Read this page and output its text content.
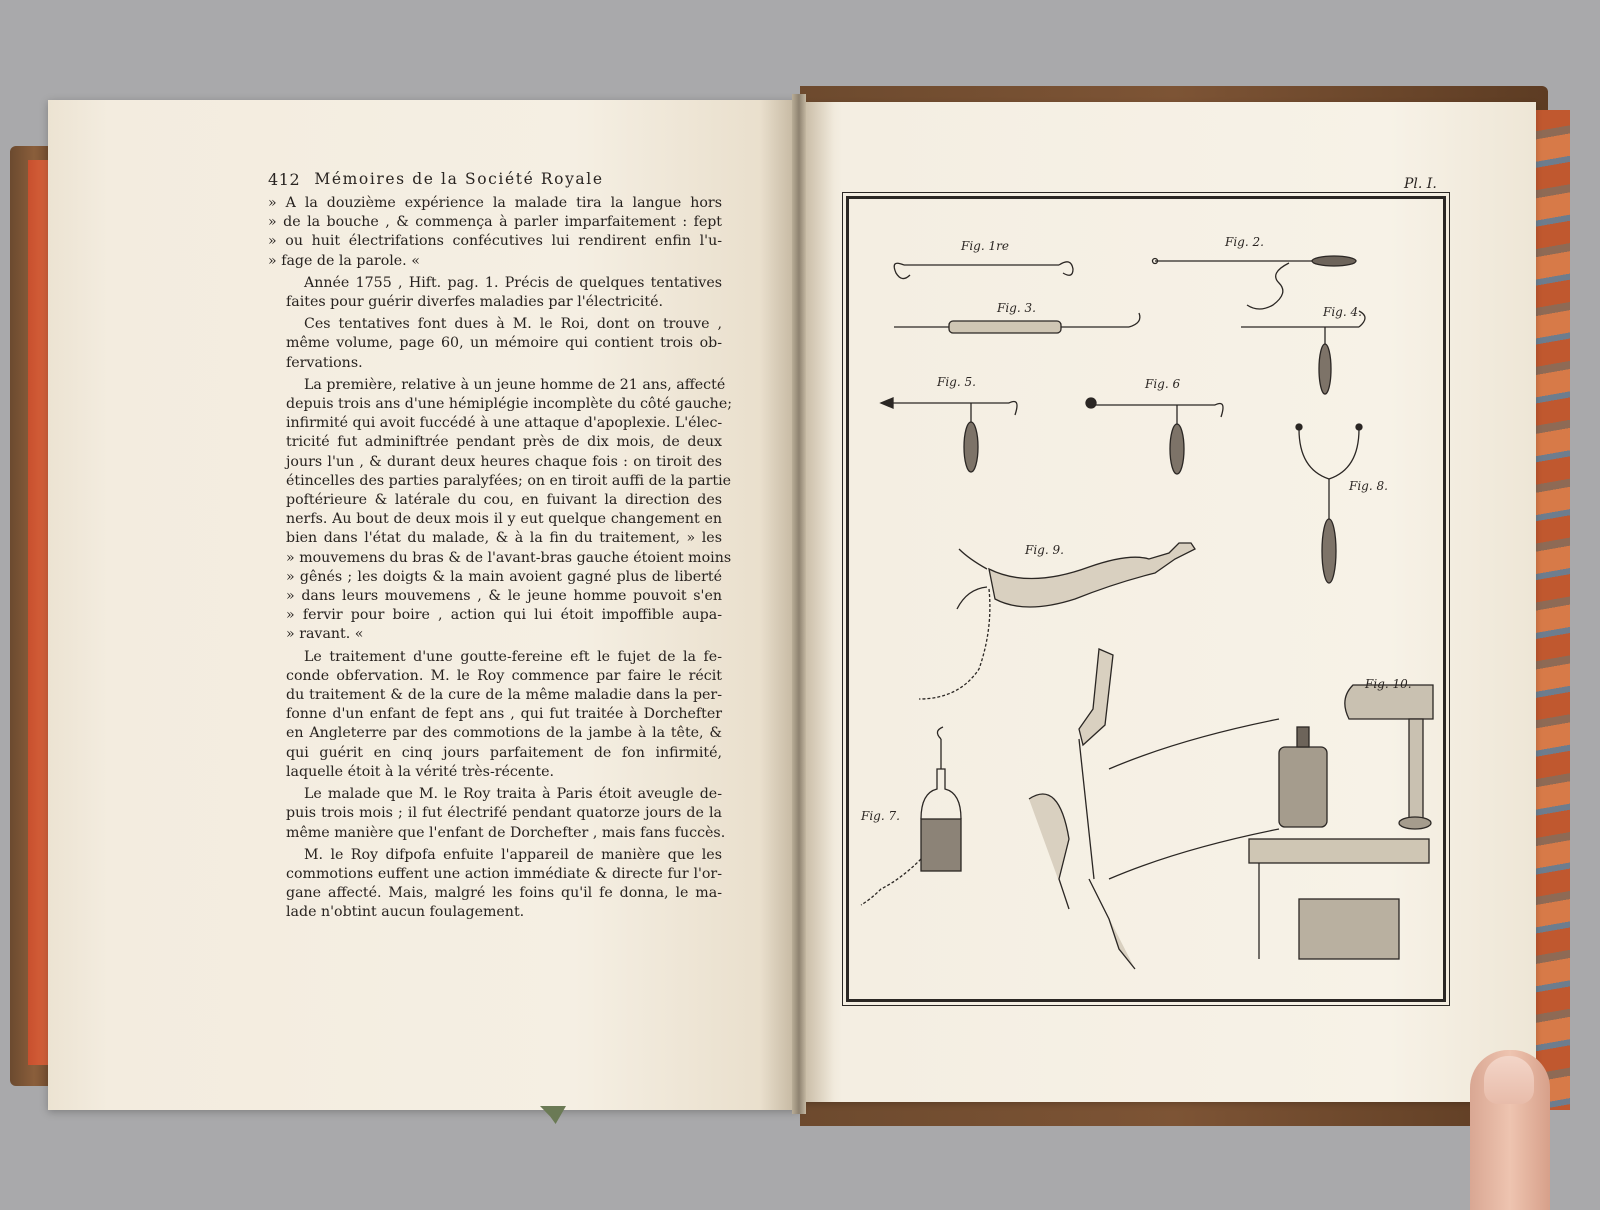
412 Mémoires de la Société Royale

» A la douzième expérience la malade tira la langue hors
» de la bouche , & commença à parler imparfaitement : fept
» ou huit électrifations confécutives lui rendirent enfin l'u-
» fage de la parole. «

Année 1755 , Hift. pag. 1. Précis de quelques tentatives
faites pour guérir diverfes maladies par l'électricité.

Ces tentatives font dues à M. le Roi, dont on trouve ,
même volume, page 60, un mémoire qui contient trois ob-
fervations.

La première, relative à un jeune homme de 21 ans, affecté
depuis trois ans d'une hémiplégie incomplète du côté gauche;
infirmité qui avoit fuccédé à une attaque d'apoplexie. L'élec-
tricité fut adminiftrée pendant près de dix mois, de deux
jours l'un , & durant deux heures chaque fois : on tiroit des
étincelles des parties paralyfées; on en tiroit auffi de la partie
poftérieure & latérale du cou, en fuivant la direction des
nerfs. Au bout de deux mois il y eut quelque changement en
bien dans l'état du malade, & à la fin du traitement, » les
» mouvemens du bras & de l'avant-bras gauche étoient moins
» gênés ; les doigts & la main avoient gagné plus de liberté
» dans leurs mouvemens , & le jeune homme pouvoit s'en
» fervir pour boire , action qui lui étoit impoffible aupa-
» ravant. «

Le traitement d'une goutte-fereine eft le fujet de la fe-
conde obfervation. M. le Roy commence par faire le récit
du traitement & de la cure de la même maladie dans la per-
fonne d'un enfant de fept ans , qui fut traitée à Dorchefter
en Angleterre par des commotions de la jambe à la tête, &
qui guérit en cinq jours parfaitement de fon infirmité,
laquelle étoit à la vérité très-récente.

Le malade que M. le Roy traita à Paris étoit aveugle de-
puis trois mois ; il fut électrifé pendant quatorze jours de la
même manière que l'enfant de Dorchefter , mais fans fuccès.

M. le Roy difpofa enfuite l'appareil de manière que les
commotions euffent une action immédiate & directe fur l'or-
gane affecté. Mais, malgré les foins qu'il fe donna, le ma-
lade n'obtint aucun foulagement.

Pl. I.
Fig. 1re	Fig. 2.
Fig. 3.	Fig. 4.
Fig. 5.	Fig. 6
Fig. 7.
Fig. 8.
Fig. 9.
Fig. 10.
